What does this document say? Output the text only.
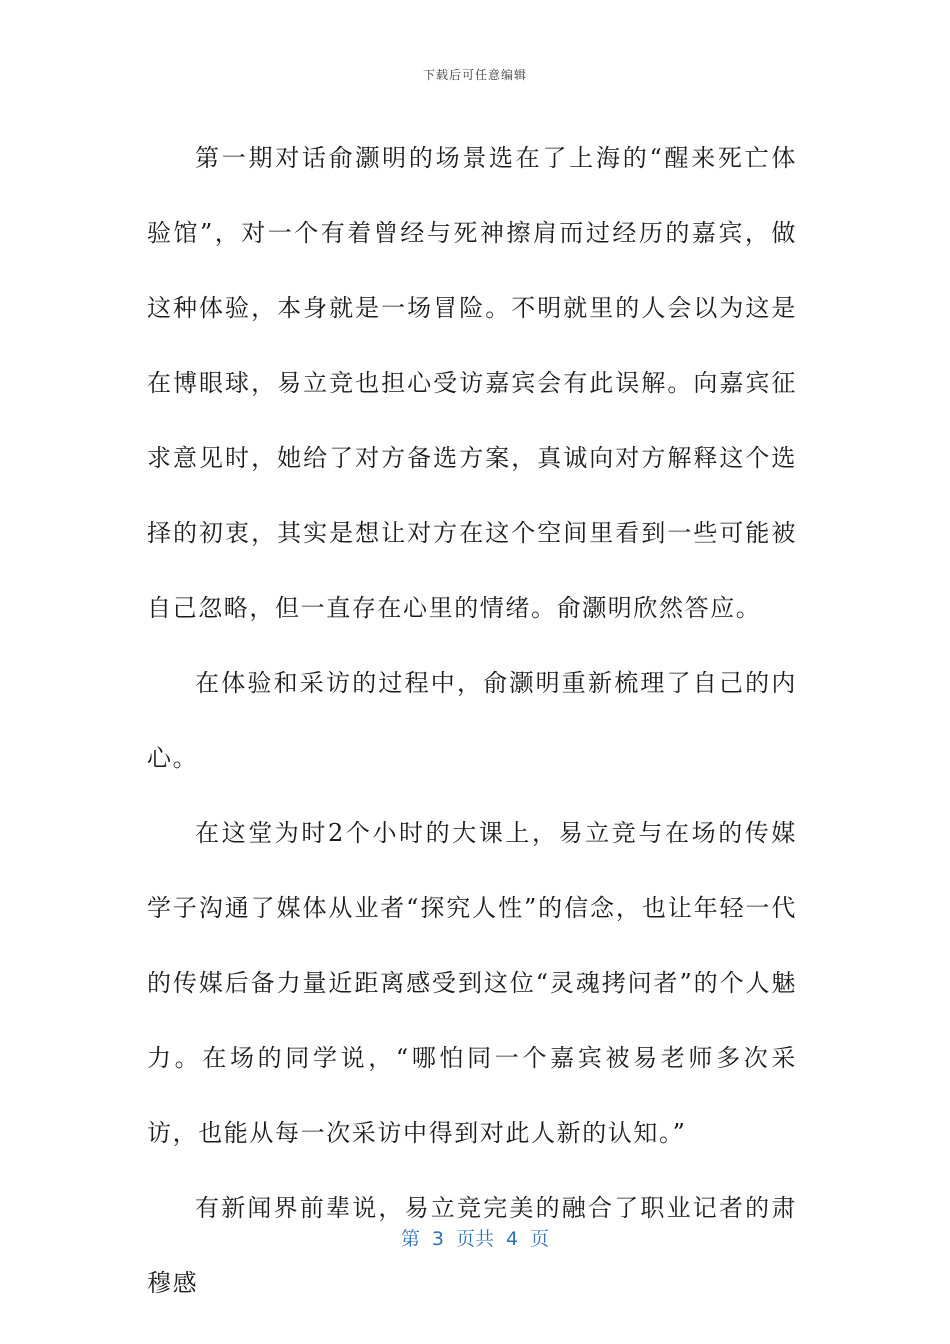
下载后可任意编辑

第一期对话俞灏明的场景选在了上海的“醒来死亡体验馆”，对一个有着曾经与死神擦肩而过经历的嘉宾，做这种体验，本身就是一场冒险。不明就里的人会以为这是在博眼球，易立竞也担心受访嘉宾会有此误解。向嘉宾征求意见时，她给了对方备选方案，真诚向对方解释这个选择的初衷，其实是想让对方在这个空间里看到一些可能被自己忽略，但一直存在心里的情绪。俞灏明欣然答应。

在体验和采访的过程中，俞灏明重新梳理了自己的内心。

在这堂为时2个小时的大课上，易立竞与在场的传媒学子沟通了媒体从业者“探究人性”的信念，也让年轻一代的传媒后备力量近距离感受到这位“灵魂拷问者”的个人魅力。在场的同学说，“哪怕同一个嘉宾被易老师多次采访，也能从每一次采访中得到对此人新的认知。”

有新闻界前辈说，易立竞完美的融合了职业记者的肃穆感

第 3 页共 4 页
